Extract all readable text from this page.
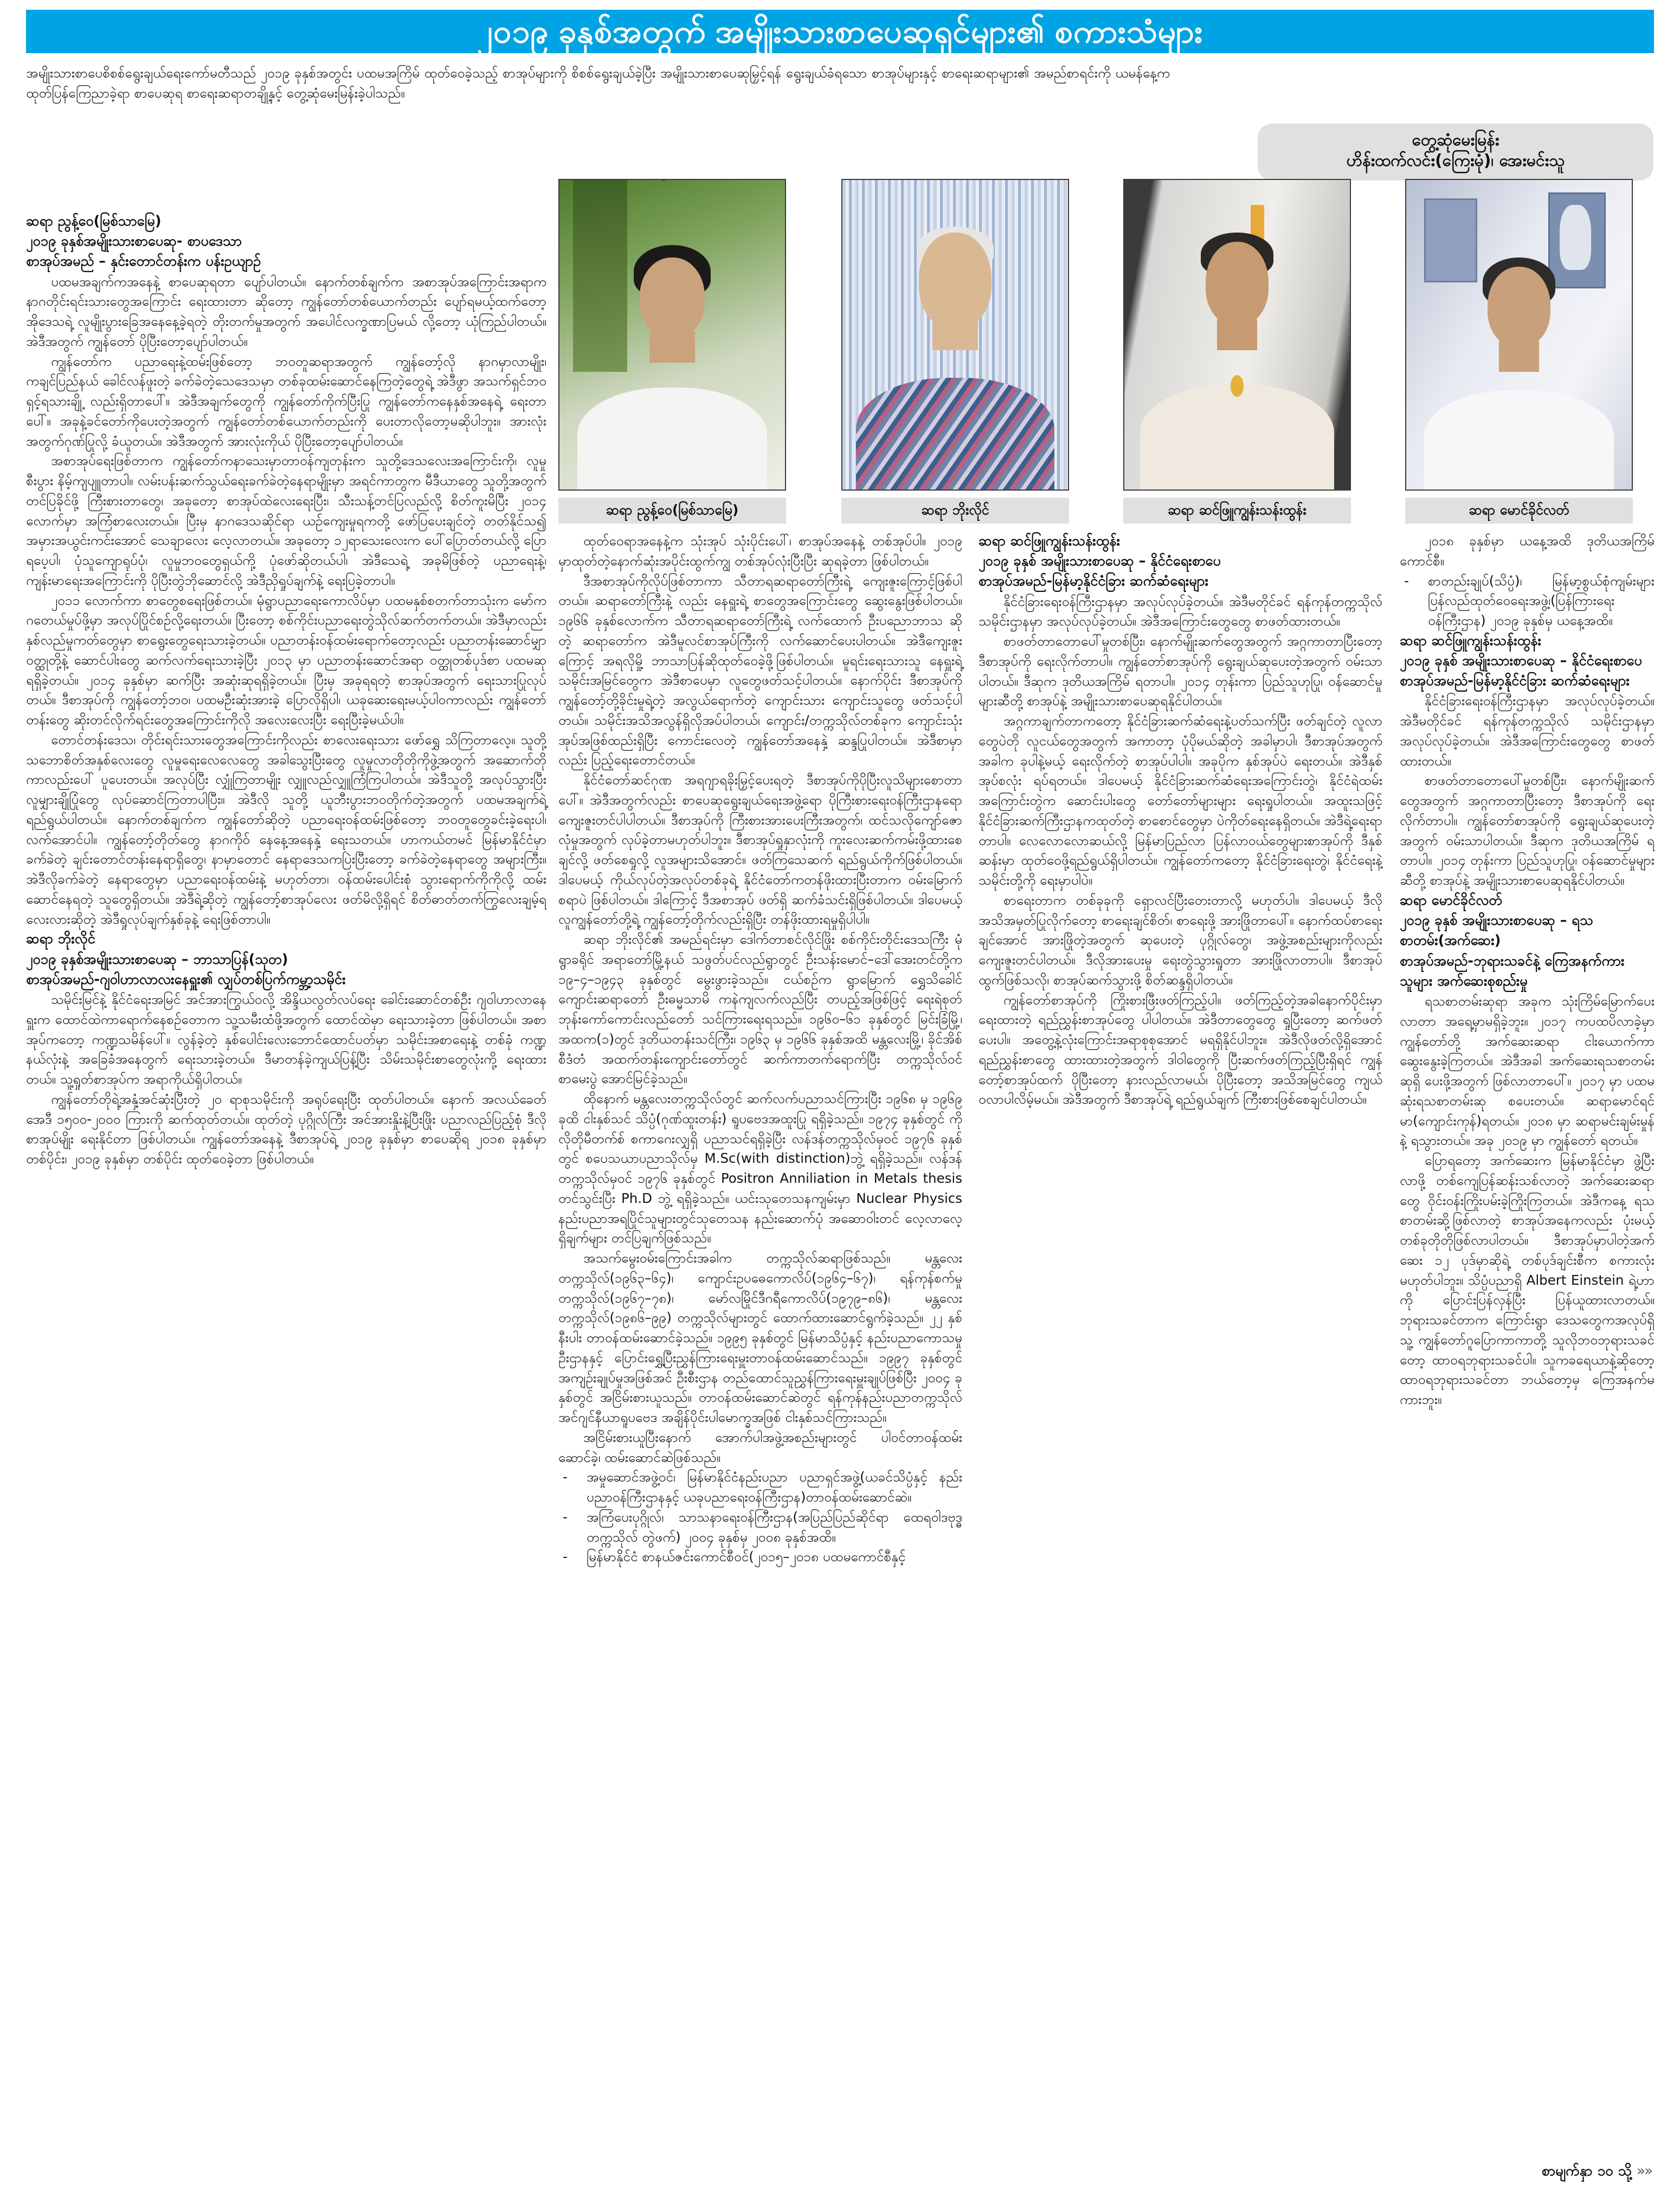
၂၀၁၉ ခုနှစ်အတွက် အမျိုးသားစာပေဆုရှင်များ၏ စကားသံများ
အမျိုးသားစာပေစိစစ်ရွေးချယ်ရေးကော်မတီသည် ၂၀၁၉ ခုနှစ်အတွင်း ပထမအကြိမ် ထုတ်ဝေခဲ့သည့် စာအုပ်များကို စိစစ်ရွေးချယ်ခဲ့ပြီး အမျိုးသားစာပေဆုမြှင့်ရန် ရွေးချယ်ခံရသော စာအုပ်များနှင့် စာရေးဆရာများ၏ အမည်စာရင်းကို ယမန်နေ့က ထုတ်ပြန်ကြေညာခဲ့ရာ စာပေဆုရ စာရေးဆရာတချို့နှင့် တွေ့ဆုံမေးမြန်းခဲ့ပါသည်။
တွေ့ဆုံမေးမြန်း
ဟိန်းထက်လင်း(ကြေးမုံ)၊ အေးမင်းသူ
ဆရာ ညွန့်ဝေ(မြစ်သာမြေ)	ဆရာ ဘိုးလိုင်	ဆရာ ဆင်ဖြူကျွန်းသန်းထွန်း	ဆရာ မောင်ခိုင်လတ်

ဆရာ ညွန့်ဝေ(မြစ်သာမြေ)

၂၀၁၉ ခုနှစ်အမျိုးသားစာပေဆု- စာပဒေသာ

စာအုပ်အမည် – နှင်းတောင်တန်းက ပန်းဥယျာဉ်

ပထမအချက်ကအနေနဲ့ စာပေဆုရတာ ပျော်ပါတယ်။ နောက်တစ်ချက်က အစာအုပ်အကြောင်းအရာက နာဂတိုင်းရင်းသားတွေအကြောင်း ရေးထားတာ ဆိုတော့ ကျွန်တော်တစ်ယောက်တည်း ပျော်ရမယ့်ထက်တော့ အိုဒေသရဲ့ လူမျိုးပွားခြေအနေနေ့ခဲ့ရတဲ့ တိုးတက်မှုအတွက် အပေါင်လက္ခဏာပြမယ် လို့တော့ ယုံကြည်ပါတယ်။ အဲဒီအတွက် ကျွန်တော် ပိုပြီးတော့ပျော်ပါတယ်။

ကျွန်တော်က ပညာရေးနဲ့ထမ်းဖြစ်တော့ ဘဝတူဆရာအတွက် ကျွန်တော့်လို နာဂမှာလာမျိုး၊ ကချင်ပြည်နယ် ခေါင်လန်ဖူးတဲ့ ခက်ခဲတဲ့သေဒေသမှာ တစ်ခုထမ်းဆောင်နေကြတဲ့တွေရဲ့ အဲဒီဖွာ အသက်ရှင်ဘဝရှင့်ရသားချို့ လည်းရှိတာပေါ်။ အဲဒီအချက်တွေကို ကျွန်တော်ကိုက်ပြီးပြု ကျွန်တော်ကနေနှစ်အနေရဲ့ ရေးတာပေါ်။ အခုနဲ့ခင်တော်ကိုပေးတဲ့အတွက် ကျွန်တော်တစ်ယောက်တည်းကို ပေးတာလိုတော့မဆိုပါဘူး။ အားလုံးအတွက်ဂုဏ်ပြုလို့ ခံယူတယ်။ အဲဒီအတွက် အားလုံးကိုယ် ပိုပြီးတော့ပျော်ပါတယ်။

အစာအုပ်ရေးဖြစ်တာက ကျွန်တော်ကနာသေးမှာတာဝန်ကျတုန်းက သူတို့ဒေသလေးအကြောင်းကို၊ လူမှုစီးပွား နိမ့်ကျပျူတာပါ။ လမ်းပန်းဆက်သွယ်ရေးခက်ခဲတဲ့နေရာမျိုးမှာ အရင်ကာတွက မီဒီယာတွေ သူတို့အတွက် တင်ပြခိုင်ဖို့ ကြီးစားတာတွေ၊ အခုတော့ စာအုပ်ထဲလေးရေးပြီး၊ သီးသန့်တင်ပြလည်လို့ စိတ်ကူးမိပြီး ၂၀၁၄ လောက်မှာ အကြံစာလေးတယ်။ ပြီးမှ နာဂဒေသဆိုင်ရာ ယဉ်ကျေးမှုရကတို့ ဖော်ပြပေးချင်တဲ့ တတ်နိုင်သ၍ အမှားအယွင်းကင်းအောင် သေချာလေး လေ့လာတယ်။ အခုတော့ ၁၂ရာသေးလေးက ပေါ်ပြောတ်တယ်လို့ ပြောရပေ့ပါ၊ ပုံသူကျောရုပ်ပုံ၊ လူမှုဘဝတွေရှယ်ကို့ ပုံဖော်ဆိုတယ်ပါ၊ အဲဒီသေရဲ့ အခုမိဖြစ်တဲ့ ပညာရေးနဲ့၊ ကျန်းမာရေးအကြောင်းကို ပိုပြီးတွဲဘိုဆောင်လို့ အဲဒီညှိရှုပ်ချက်နဲ့ ရေးပြခဲ့တာပါ။

၂၀၁၁ လောက်ကာ စာတွေစရေးဖြစ်တယ်။ မုံရွာပညာရေးကောလိပ်မှာ ပထမနှစ်စတက်တာသုံးက မော်ကဂတေယ်မှုပ်ဖို့မှာ အလုပ်ပြိုင်စဉ်လို့ရေးတယ်။ ပြီးတော့ စစ်ကိုင်းပညာရေးတွဲသိုလ်ဆက်တက်တယ်။ အဲဒီမှာလည်း နှစ်လည်မှုကတ်တွေမှာ စာရွေးတွေရေးသားခဲ့တယ်။ ပညာတန်းဝန်ထမ်းရောက်တော့လည်း ပညာတန်းဆောင်မျှာ ဝတ္ထုတို့နဲ့ ဆောင်ပါးတွေ ဆက်လက်ရေးသားခဲ့ပြီး ၂၀၁၃ မှာ ပညာတန်းဆောင်အရာ ဝတ္ထုတစ်ပုဒ်စာ ပထမဆုရရှိခဲ့တယ်။ ၂၀၁၄ ခုနှစ်မှာ ဆက်ပြီး အဆုံးဆုရရှိခဲ့တယ်။ ပြီးမှ အခုရရတဲ့ စာအုပ်အတွက် ရေးသားပြုလုပ်တယ်။ ဒီစာအုပ်ကို ကျွန်တော့်ဘဝ၊ ပထမဦးဆုံးအားခဲ့ ပြောလိုရှိပါ၊ ယခုဆေးရေးမယ့်ပါဝကာလည်း ကျွန်တော်တန်းတွေ ဆိုးတင်လိုက်ရင်းတွေအကြောင်းကိုလို အလေးလေးပြီး ရေးပြီးခဲ့မယ်ပါ။

တောင်တန်းဒေသ၊ တိုင်းရင်းသားတွေအကြောင်းကိုလည်း စာလေးရေးသား ဖော်ရွှေ သိကြတာလေ့။ သူတို့သဘောစိတ်အနှစ်လေးတွေ လူမှုရေးလေလေတွေ အခါသွေးပြီးတွေ လူမှုလာတိုတိုကိုဖွဲ့အတွက် အဆောက်တိုကာလည်းပေါ် ပူပေးတယ်။ အလုပ်ပြီး လျှုံကြတာမျိုး လျှူလည်လျှူကြံကြပါတယ်။ အဲဒီသူတို့ အလုပ်သွားပြီး လူမျှားချိုပြုံတွေ လုပ်ဆောင်ကြတာပါပြီး။ အဲဒီလို သူတို့ ယူဘီးပွားဘဝတိုက်တဲ့အတွက် ပထမအချက်ရဲ့ ရည်ရွယ်ပါတယ်။ နောက်တစ်ချက်က ကျွန်တော်ဆိုတဲ့ ပညာရေးဝန်ထမ်းဖြစ်တော့ ဘဝတူတွေခင်းခဲ့ရေးပါ၊ လက်အောင်ပါ။ ကျွန်တော့်တိုတ်တွေ နာဂကိုဝ် နေနေ့အနေနှဲ့ ရေးသတယ်။ ဟာကယ်တမင် မြန်မာနိုင်ငံမှာ ခက်ခဲတဲ့ ချင်းတောင်တန်းနေရာရှိတွေ၊ နာမှာတောင် နေရာဒေသကပြဲးပြီးတော့ ခက်ခဲတဲ့နေရာတွေ အများကြီး။ အဲဒီလိုခက်ခဲတဲ့ နေရာတွေမှာ ပညာရေးဝန်ထမ်းနဲ့ မဟုတ်တာ၊ ဝန်ထမ်းပေါင်းစုံ သွားရောက်ကိုကိုလို့ ထမ်းဆောင်နေရတဲ့ သူတွေရှိတယ်။ အဲဒီရဲ့ဆိုတဲ့ ကျွန်တော့်စာအုပ်လေး ဖတ်မိလို့ရှိရင် စိတ်ဓာတ်တက်ကြွလေးချမ့်ရလေးလားဆိုတဲ့ အဲဒီရှုလုပ်ချက်နှစ်ခုနဲ့ ရေးဖြစ်တာပါ။

ဆရာ ဘိုးလိုင်

၂၀၁၉ ခုနှစ်အမျိုးသားစာပေဆု – ဘာသာပြန်(သုတ)

စာအုပ်အမည်-ဂျဝါဟာလာလးနေရှူး၏ လျှပ်တစ်ပြက်ကမ္ဘာ့သမိုင်း

သမိုင်းမြင်နဲ့ နိုင်ငံရေးအမြင် အင်အားကြွယ်ဝလို့ အိန္ဒိယလွတ်လပ်ရေး ခေါင်းဆောင်တစ်ဦး ဂျဝါဟာလာနေရှူးက ထောင်ထဲကာရောက်နေစဉ်တောက သူ့သမီးထံဖို့အတွက် ထောင်ထဲမှာ ရေးသားခဲ့တာ ဖြစ်ပါတယ်။ အစာအုပ်ကတော့ ကဏ္ဍသမိန်ပေါ်။ လွန်ခဲ့တဲ့ နှစ်ပေါင်းလေးဘောင်ထောင်ပတ်မှာ သမိုင်းအစာရေးနဲ့ တစ်ခုံ ကဏ္ဍနယ်လုံးနဲ့ အခြေခံအနေတွက် ရေးသားခဲ့တယ်။ ဒီမာတန်ခဲ့ကျယ်ပြန့်ပြီး သိမ်းသမိုင်းစာတွေလုံးကို့ ရေးထားတယ်။ သူ့ရှုတ်စာအုပ်က အရာကိုယ်ရှိပါတယ်။

ကျွန်တော်တိုရဲ့အနှံ့အင်ဆုံးပြီးတဲ့ ၂၀ ရာစုသမိုင်းကို အရုပ်ရေးပြီး ထုတ်ပါတယ်။ နောက် အလယ်ခေတ် အေဒီ ၁၅၀၀-၂၀၀၀ ကြားကို ဆက်ထုတ်တယ်။ ထုတ်တဲ့ ပုဂ္ဂိုလ်ကြီး အင်အားနှိုးနဲ့ပြီးဖြိုး ပညာလည်ပြည့်စုံ ဒီလိုစာအုပ်မျိုး ရေးနိုင်တာ ဖြစ်ပါတယ်။ ကျွန်တော်အနေနဲ့ ဒီစာအုပ်ရဲ့ ၂၀၁၉ ခုနှစ်မှာ စာပေဆိုရ ၂၀၁၈ ခုနှစ်မှာ တစ်ပိုင်း၊ ၂၀၁၉ ခုနှစ်မှာ တစ်ပိုင်း ထုတ်ဝေခဲ့တာ ဖြစ်ပါတယ်။

ထုတ်ဝေရာအနေနဲ့က သုံးအုပ် သုံးပိုင်းပေါ်၊ စာအုပ်အနေနဲ့ တစ်အုပ်ပါ။ ၂၀၁၉ မှာထုတ်တဲ့နောက်ဆုံးအပိုင်းထွက်ကျွ တစ်အုပ်လုံးပြီးပြီး ဆုရခဲ့တာ ဖြစ်ပါတယ်။

ဒီအစာအုပ်ကိုလိုပ်ဖြစ်တာကာ သီတာရဆရာတော်ကြီးရဲ့ ကျေးဇူးကြောင့်ဖြစ်ပါတယ်။ ဆရာတော်ကြီးနဲ့ လည်း နေရှူးရဲ့ စာတွေအကြောင်းတွေ ဆွေးနွေးဖြစ်ပါတယ်။ ၁၉၆၆ ခုနှစ်လောက်က သီတာရဆရာတော်ကြီးရဲ့ လက်ထောက် ဦးပညောဘာသ ဆိုတဲ့ ဆရာတော်က အဲဒီမူလင်စာအုပ်ကြီးကို လက်ဆောင်ပေးပါတယ်။ အဲဒီကျေးဇူးကြောင့် အရလိုမှို့ ဘာသာပြန်ဆိုထုတ်ဝေခဲ့ဖို့ဖြစ်ပါတယ်။ မူရင်းရေးသားသူ နေရှူးရဲ့ သမိုင်းအမြင်တွေက အဲဒီစာပေမှာ လူတွေဖတ်သင့်ပါတယ်။ နောက်ပိုင်း ဒီစာအုပ်ကို ကျွန်တော့်တို့ခိုင်းမှုရဲ့တဲ့ အလွယ်ရောက်တဲ့ ကျောင်းသား ကျောင်းသူတွေ ဖတ်သင့်ပါတယ်။ သမိုင်းအသိအလွန်ရှိလိုအပ်ပါတယ်၊ ကျောင်း/တက္ကသိုလ်တစ်ခုက ကျောင်းသုံးအုပ်အဖြစ်ထည်းရှိပြီး ကောင်းလေတဲ့ ကျွန်တော်အနေနှဲ့ ဆန္ဒပြုပါတယ်။ အဲဒီစာမှာလည်း ပြည့်ရေးတောင်တယ်။

နိုင်ငံတော်ဆင်ဂုဏ အရဂျာရခိုးမြှင့်ပေးရတဲ့ ဒီစာအုပ်ကိုပိုပြီးလူသိများစောတာပေါ်။ အဲဒီအတွက်လည်း စာပေဆုရွေးချယ်ရေးအဖွဲ့ရော ပိုကြီးစားရေးဝန်ကြီးဌာနရော ကျေးဇူးတင်ပါပါတယ်။ ဒီစာအုပ်ကို ကြီးစားအားပေးကြီးအတွက်၊ ထင်သလိုကျော်ဇောလုံမှုအတွက် လုပ်ခဲ့တာမဟုတ်ပါဘူး။ ဒီစာအုပ်ရှုနှာလုံးကို ကူးလေးဆက်ကမ်းဖို့ထားစေချင်လို့ ဖတ်စေရှုလို့ လူအများသိအောင်။ ဖတ်ကြသေဆက် ရည်ရွယ်ကိုက်ဖြစ်ပါတယ်။ ဒါပေမယ့် ကိုယ်လုပ်တဲ့အလုပ်တစ်ခုရဲ့ နိုင်ငံတော်ကတန်ဖိုးထားပြီးတာက ဝမ်းမြောက်စရာပဲ ဖြစ်ပါတယ်။ ဒါကြောင့် ဒီအစာအုပ် ဖတ်ရှိ ဆက်ခံသင်းရှိဖြစ်ပါတယ်။ ဒါပေမယ့် လူကျွန်တော်တို့ရဲ့ ကျွန်တော့်တိုက်လည်းရှိပြီး တန်ဖိုးထားရမှုရှိပါပါ။

ဆရာ ဘိုးလိုင်၏ အမည်ရင်းမှာ ဒေါက်တာစင်လိုင်ဖြိုး စစ်ကိုင်းတိုင်းဒေသကြီး မုံရွာခရိုင် အရာတော်မြို့နယ် သဖွတ်ပင်လည်ရွာတွင် ဦးသန်းမောင်–ဒေါ်အေးတင်တို့က ၁၉–၄–၁၉၄၃ ခုနှစ်တွင် မွေးဖွားခဲ့သည်။ ငယ်စဉ်က ရွာမြောက် ရွှေသိခေါင်ကျောင်းဆရာတော် ဦးဓမ္မသာမိ ကနဲကျလက်လည်ပြီး တပည့်အဖြစ်ဖြင့် ရေးရဲစုတ်ဘုန်းကော်ကောင်းလည်တော် သင်ကြားရေးရသည်။ ၁၉၆၀–၆၁ ခုနှစ်တွင် မြင်းခြံမြို့၊ အထက(၁)တွင် ဒုတိယတန်းသင်ကြီး၊ ၁၉၆၃ မှ ၁၉၆၆ ခုနှစ်အထိ မန္တလေးမြို့၊ ခိုင်အိစ်စီဒံတံ အထက်တန်းကျောင်းတော်တွင် ဆက်ကာတက်ရောက်ပြီး တက္ကသိုလ်ဝင်စာမေးပွဲ အောင်မြင်ခဲ့သည်။

ထိုနောက် မန္တလေးတက္ကသိုလ်တွင် ဆက်လက်ပညာသင်ကြားပြီး ၁၉၆၈ မှ ၁၉၆၉ ခုထိ ငါးနှစ်သင် သိပ္ပံ(ဂုဏ်ထူးတန်း) ရူပဗေဒအထူးပြု ရရှိခဲ့သည်။ ၁၉၇၄ ခုနှစ်တွင် ကိုလိုတိုမီတက်စ် စကာဂေးလျှရှိ ပညာသင်ရရှိခဲ့ပြီး လန်ဒန်တက္ကသိုလ်မှဝင် ၁၉၇၆ ခုနှစ်တွင် စပေသယာပညာသိုလ်မှ M.Sc(with distinction)ဘွဲ့ ရရှိခဲ့သည်။ လန်ဒန်တက္ကသိုလ်မှဝင် ၁၉၇၆ ခုနှစ်တွင် Positron Anniliation in Metals thesis တင်သွင်းပြီး Ph.D ဘွဲ့ ရရှိခဲ့သည်။ ယင်းသုတေသနကျမ်းမှာ Nuclear Physics နည်းပညာအရပြိုင်သူများတွင်သုတေသန နည်းဆောက်ပုံ အဆောဝါးတင် လေ့လာလေ့ရှိချက်များ တင်ပြချက်ဖြစ်သည်။

အသက်မွေးဝမ်းကြောင်းအခါက တက္ကသိုလ်ဆရာဖြစ်သည်။ မန္တလေးတက္ကသိုလ်(၁၉၆၃–၆၄)၊ ကျောင်းဥပဓေကောလိပ်(၁၉၆၄–၆၇)၊ ရန်ကုန်စက်မှုတက္ကသိုလ်(၁၉၆၇–၇၈)၊ မော်လမြိုင်ဒီဂရီကောလိပ်(၁၉၇၉–၈၆)၊ မန္တလေးတက္ကသိုလ်(၁၉၈၆–၉၉) တက္ကသိုလ်များတွင် ထောက်ထားဆောင်ရွက်ခဲ့သည်။ ၂၂ နှစ်နီးပါး တာဝန်ထမ်းဆောင်ခဲ့သည်။ ၁၉၉၅ ခုနှစ်တွင် မြန်မာသိပ္ပံနှင့် နည်းပညာကောသမှုဦးဌာနနှင့် ပြောင်းရွှေ့ပြီးညွှန်ကြားရေးမှူးတာဝန်ထမ်းဆောင်သည်။ ၁၉၉၇ ခုနှစ်တွင် အကျဉ်းချုပ်မှုအဖြစ်အင် ဦးစီးဌာန တည်ထောင်သူညွှန်ကြားရေးမှူးချုပ်ဖြစ်ပြီး ၂၀၀၄ ခုနှစ်တွင် အငြိမ်းစားယူသည်။ တာဝန်ထမ်းဆောင်ဆဲတွင် ရန်ကုန်နည်းပညာတက္ကသိုလ် အင်ဂျင်နီယာရူပဗေဒ အချိန်ပိုင်းပါမောက္ခအဖြစ် ငါးနှစ်သင်ကြားသည်။

အငြိမ်းစားယူပြီးနောက် အောက်ပါအဖွဲ့အစည်းများတွင် ပါဝင်တာဝန်ထမ်းဆောင်ခဲ့၊ ထမ်းဆောင်ဆဲဖြစ်သည်။

- အမှုဆောင်အဖွဲ့ဝင်၊ မြန်မာနိုင်ငံနည်းပညာ ပညာရှင်အဖွဲ့(ယခင်သိပ္ပံနှင့် နည်းပညာဝန်ကြီးဌာနနှင့် ယခုပညာရေးဝန်ကြီးဌာန)တာဝန်ထမ်းဆောင်ဆဲ။

- အကြံပေးပုဂ္ဂိုလ်၊ သာသနာရေးဝန်ကြီးဌာန(အပြည်ပြည်ဆိုင်ရာ ထေရဝါဒဗုဒ္ဓတက္ကသိုလ် တွဲဖက်) ၂၀၀၄ ခုနှစ်မှ ၂၀၀၈ ခုနှစ်အထိ။

- မြန်မာနိုင်ငံ စာနယ်ဇင်းကောင်စီဝင်(၂၀၁၅–၂၀၁၈ ပထမကောင်စီနှင့်

ဆရာ ဆင်ဖြူကျွန်းသန်းထွန်း

၂၀၁၉ ခုနှစ် အမျိုးသားစာပေဆု – နိုင်ငံရေးစာပေ

စာအုပ်အမည်-မြန်မာ့နိုင်ငံခြား ဆက်ဆံရေးများ

နိုင်ငံခြားရေးဝန်ကြီးဌာနမှာ အလုပ်လုပ်ခဲ့တယ်။ အဲဒီမတိုင်ခင် ရန်ကုန်တက္ကသိုလ် သမိုင်းဌာနမှာ အလုပ်လုပ်ခဲ့တယ်။ အဲဒီအကြောင်းတွေတွေ စာဖတ်ထားတယ်။

စာဖတ်တာတောပေါ်မှုတစ်ပြီး၊ နောက်မျိုးဆက်တွေအတွက် အဂ္ဂကာတာပြီးတော့ ဒီစာအုပ်ကို ရေးလိုက်တာပါ။ ကျွန်တော်စာအုပ်ကို ရွေးချယ်ဆုပေးတဲ့အတွက် ဝမ်းသာပါတယ်။ ဒီဆုက ဒုတိယအကြိမ် ရတာပါ။ ၂၀၁၄ တုန်းကာ ပြည်သူဟုပြု၊ ဝန်ဆောင်မှုများဆီတို့ စာအုပ်နဲ့ အမျိုးသားစာပေဆုရနိုင်ပါတယ်။

အဂ္ဂကာချက်တာကတော့ နိုင်ငံခြားဆက်ဆံရေးနဲ့ပတ်သက်ပြီး ဖတ်ချင်တဲ့ လူလာတွေပဲတို လူငယ်တွေအတွက် အကာတာ့ ပုံပိုမယ်ဆိုတဲ့ အခါမှာပါ၊ ဒီစာအုပ်အတွက် အခါက ခုပါနဲ့မယ့် ရေးလိုက်တဲ့ စာအုပ်ပါပါ။ အခုပိုက နှစ်အုပ်ပဲ ရေးတယ်။ အဲဒီနှစ်အုပ်စလုံး ရပ်ရတယ်။ ဒါပေမယ့် နိုင်ငံခြားဆက်ဆံရေးအကြောင်းတွဲ၊ နိုင်ငံရဲထမ်းအကြောင်းတွဲက ဆောင်းပါးတွေ တော်တော်များများ ရေးရှုပါတယ်။ အထူးသဖြင့် နိုင်ငံခြားဆက်ကြီးဌာနကထုတ်တဲ့ စာစောင်တွေမှာ ပဲကိုတ်ရေးနေရှိတယ်။ အဲဒီရဲ့ရေးရာတာပါ။ လေလောလောဆယ်လို့ မြန်မာပြည်လာ ပြန်လာဝယ်တွေများစာအုပ်ကို ဒီနှစ်ဆန်းမှာ ထုတ်ဝေဖို့ရည်ရွယ်ရှိပါတယ်။ ကျွန်တော်ကတော့ နိုင်ငံခြားရေးတွဲ၊ နိုင်ငံရေးနဲ့ သမိုင်းတို့ကို ရေးမှာပါပဲ။

စာရေးတာက တစ်ခုခုကို ရှောလင်ပြီးတေးတာလို့ မဟုတ်ပါ။ ဒါပေမယ့် ဒီလိုအသိအမှတ်ပြုလိုက်တော့ စာရေးချင်စိတ်၊ စာရေးဖို့ အားဖြိုတာပေါ်။ နောက်ထပ်စာရေးချင်အောင် အားဖြိုတဲ့အတွက် ဆုပေးတဲ့ ပုဂ္ဂိုလ်တွေ၊ အဖွဲ့အစည်းများကိုလည်း ကျေးဇူးတင်ပါတယ်။ ဒီလိုအားပေးမှု ရေးတွဲသွားရှုတာ အားဖြိုလာတာပါ။ ဒီစာအုပ်ထွက်ဖြစ်သလို၊ စာအုပ်ဆက်သွားဖို့ စိတ်ဆန္ဒရှိပါတယ်။

ကျွန်တော်စာအုပ်ကို ကြိုးစားဖြီးဖတ်ကြည့်ပါ။ ဖတ်ကြည့်တဲ့အခါနောက်ပိုင်းမှာ ရေးထားတဲ့ ရည်ညွှန်းစာအုပ်တွေ ပါပါတယ်။ အဲဒီတာတွေတွေ ရှုပြီးတော့ ဆက်ဖတ်ပေးပါ။ အတွေ့နဲ့လုံးကြောင်းအရာစုစုအောင် မရရှိနိုင်ပါဘူး။ အဲဒီလိုဖတ်လို့ရှိအောင် ရည်ညွှန်းစာတွေ ထားထားတဲ့အတွက် ဒါဝါတွေကို ပြီးဆက်ဖတ်ကြည့်ပြီးရှိရင် ကျွန်တော့်စာအုပ်ထက် ပိုပြီးတော့ နားလည်လာမယ်၊ ပိုပြီးတော့ အသိအမြင်တွေ ကျယ်ဝလာပါလိမ့်မယ်။ အဲဒီအတွက် ဒီစာအုပ်ရဲ့ ရည်ရွယ်ချက် ကြီးစားဖြစ်စေချင်ပါတယ်။

၂၀၁၈ ခုနှစ်မှာ ယနေ့အထိ ဒုတိယအကြိမ်ကောင်စီ။

- စာတည်းချုပ်(သိပ္ပံ)၊ မြန်မာ့စွယ်စုံကျမ်းများပြန်လည်ထုတ်ဝေရေးအဖွဲ့၊(ပြန်ကြားရေးဝန်ကြီးဌာန) ၂၀၁၉ ခုနှစ်မှ ယနေ့အထိ။

ဆရာ ဆင်ဖြူကျွန်းသန်းထွန်း

၂၀၁၉ ခုနှစ် အမျိုးသားစာပေဆု – နိုင်ငံရေးစာပေ

စာအုပ်အမည်-မြန်မာ့နိုင်ငံခြား ဆက်ဆံရေးများ

နိုင်ငံခြားရေးဝန်ကြီးဌာနမှာ အလုပ်လုပ်ခဲ့တယ်။ အဲဒီမတိုင်ခင် ရန်ကုန်တက္ကသိုလ် သမိုင်းဌာနမှာ အလုပ်လုပ်ခဲ့တယ်။ အဲဒီအကြောင်းတွေတွေ စာဖတ်ထားတယ်။

စာဖတ်တာတောပေါ်မှုတစ်ပြီး၊ နောက်မျိုးဆက်တွေအတွက် အဂ္ဂကာတာပြီးတော့ ဒီစာအုပ်ကို ရေးလိုက်တာပါ။ ကျွန်တော်စာအုပ်ကို ရွေးချယ်ဆုပေးတဲ့အတွက် ဝမ်းသာပါတယ်။ ဒီဆုက ဒုတိယအကြိမ် ရတာပါ။ ၂၀၁၄ တုန်းကာ ပြည်သူဟုပြု၊ ဝန်ဆောင်မှုများဆီတို့ စာအုပ်နဲ့ အမျိုးသားစာပေဆုရနိုင်ပါတယ်။

ဆရာ မောင်ခိုင်လတ်

၂၀၁၉ ခုနှစ် အမျိုးသားစာပေဆု – ရသစာတမ်း(အက်ဆေး)

စာအုပ်အမည်-ဘုရားသခင်နဲ့ ကြေအနက်ကားသူများ အက်ဆေးစုစည်းမှု

ရသစာတမ်းဆုရာ အခုက သုံးကြိမ်မြောက်ပေးလာတာ အရေ့မှာမရှိခဲ့ဘူး။ ၂၀၁၇ ကပထပိလာခဲ့မှာ ကျွန်တော်တို့ အက်ဆေးဆရာ ငါးယောက်ကာ ဆွေးနွေးခဲ့ကြတယ်။ အဲဒီအခါ အက်ဆေးရသစာတမ်းဆုရှိ ပေးဖို့အတွက် ဖြစ်လာတာပေါ်။ ၂၀၁၇ မှာ ပထမဆုံးရသစာတမ်းဆု စပေးတယ်။ ဆရာမောင်ရင်မာ(ကျောင်းကုန်)ရတယ်။ ၂၀၁၈ မှာ ဆရာမင်းချမ်းမှုန်နဲ့ ရသွားတယ်။ အခု ၂၀၁၉ မှာ ကျွန်တော် ရတယ်။

ပြောရတော့ အက်ဆေးက မြန်မာနိုင်ငံမှာ ဖွဲ့ပြီးလာဖို့ တစ်ကျေပြန်ဆန်းသစ်လာတဲ့ အက်ဆေးဆရာတွေ ဝိုင်းဝန်းကြိုးပမ်းခဲ့ကြိုးကြတယ်။ အဲဒီကနေ့ ရသစာတမ်းဆို့ဖြစ်လာတဲ့ စာအုပ်အနေကလည်း ပုံးမယ့်တစ်ခုတိုတိုဖြစ်လာပါတယ်။ ဒီစာအုပ်မှာပါတဲ့အက်ဆေး ၁၂ ပုဒ်မှာဆိုရဲ့ တစ်ပုဒ်ချင်းစီက စကားလုံး မဟုတ်ပါဘူး။ သိပ္ပံပညာရှိ Albert Einstein ရဲ့ဟာကို ပြောင်းပြန်လှန်ပြီး ပြန်ယူထားလာတယ်။ ဘုရားသခင်တာက ကြောင်းရွာ ဒေသတွေကအလုပ်ရှိသူ့ ကျွန်တော်ဂူပြောကာကာတို့ သူလိုဘဝဘုရားသခင်တော့ ထာဝရဘုရားသခင်ပါ။ သူကခရေယာနဲ့ဆိုတော့ ထာဝရဘုရားသခင်တာ ဘယ်တော့မှ ကြေအနက်မကားဘူး။

စာမျက်နှာ ၁၀ သို့ »»
